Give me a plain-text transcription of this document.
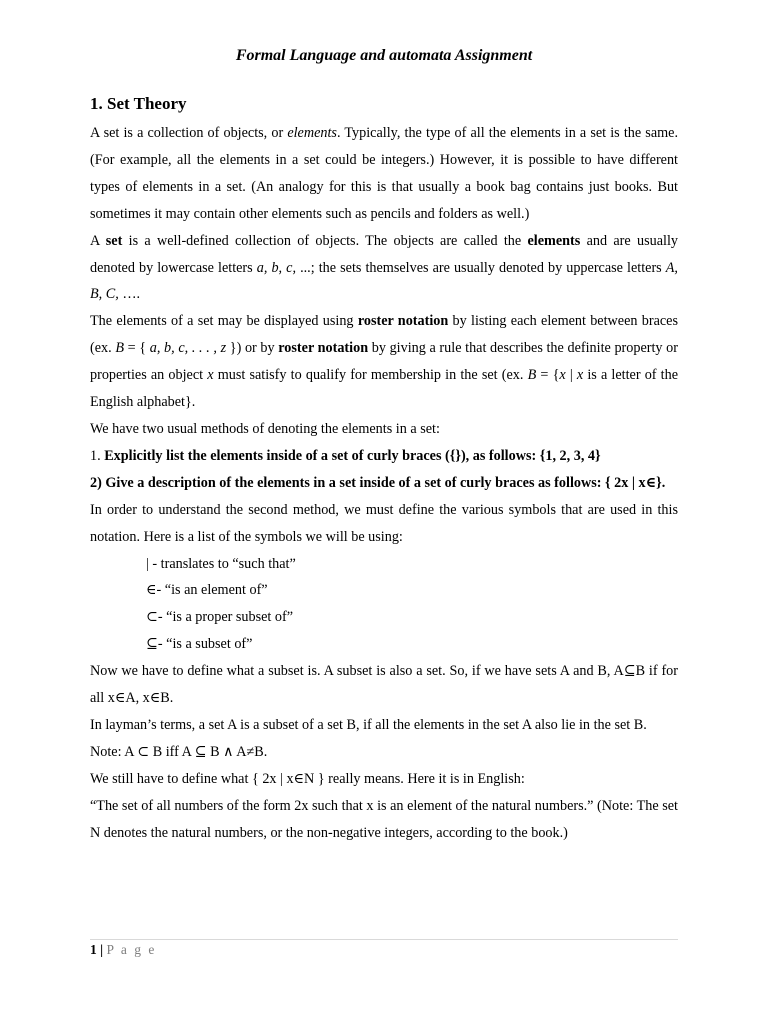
Formal Language and automata Assignment
1. Set Theory

A set is a collection of objects, or elements. Typically, the type of all the elements in a set is the same. (For example, all the elements in a set could be integers.) However, it is possible to have different types of elements in a set. (An analogy for this is that usually a book bag contains just books. But sometimes it may contain other elements such as pencils and folders as well.)

A set is a well-defined collection of objects. The objects are called the elements and are usually denoted by lowercase letters a, b, c, ...; the sets themselves are usually denoted by uppercase letters A, B, C, ….

The elements of a set may be displayed using roster notation by listing each element between braces (ex. B = { a, b, c, . . . , z }) or by roster notation by giving a rule that describes the definite property or properties an object x must satisfy to qualify for membership in the set (ex. B = {x | x is a letter of the English alphabet}.

We have two usual methods of denoting the elements in a set:

1. Explicitly list the elements inside of a set of curly braces ({}), as follows: {1, 2, 3, 4}

2) Give a description of the elements in a set inside of a set of curly braces as follows: { 2x | x∈}.

In order to understand the second method, we must define the various symbols that are used in this notation. Here is a list of the symbols we will be using:

| - translates to “such that”

∈- “is an element of”

⊂- “is a proper subset of”

⊆- “is a subset of”

Now we have to define what a subset is. A subset is also a set. So, if we have sets A and B, A⊆B if for all x∈A, x∈B.

In layman’s terms, a set A is a subset of a set B, if all the elements in the set A also lie in the set B.

Note: A ⊂ B iff A ⊆ B ∧ A≠B.

We still have to define what { 2x | x∈N } really means. Here it is in English:

“The set of all numbers of the form 2x such that x is an element of the natural numbers.” (Note: The set N denotes the natural numbers, or the non-negative integers, according to the book.)

1 | P a g e
